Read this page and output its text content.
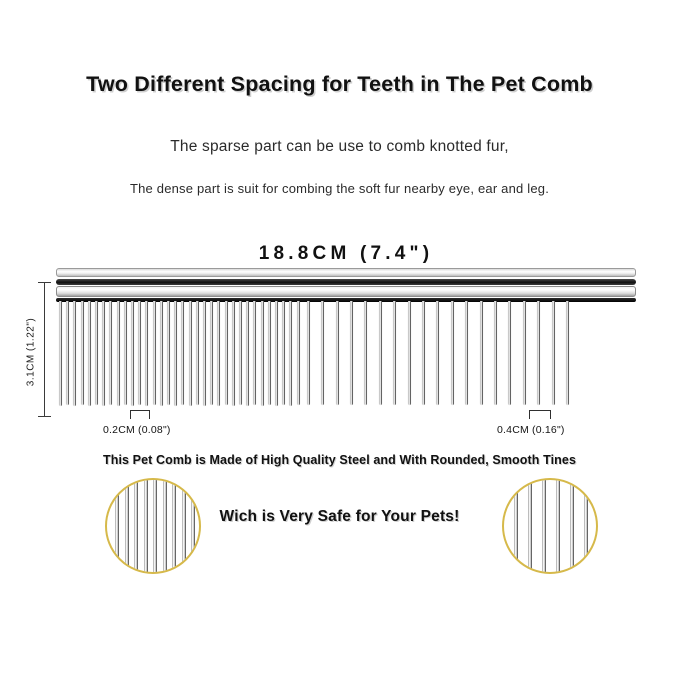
Two Different Spacing for Teeth in The Pet Comb
The sparse part can be use to comb knotted fur,
The dense part is suit for combing the soft fur nearby eye, ear and leg.
18.8CM (7.4")
3.1CM (1.22")
0.2CM (0.08")	0.4CM (0.16")
This Pet Comb is Made of High Quality Steel and With Rounded, Smooth Tines
Wich is Very Safe for Your Pets!
